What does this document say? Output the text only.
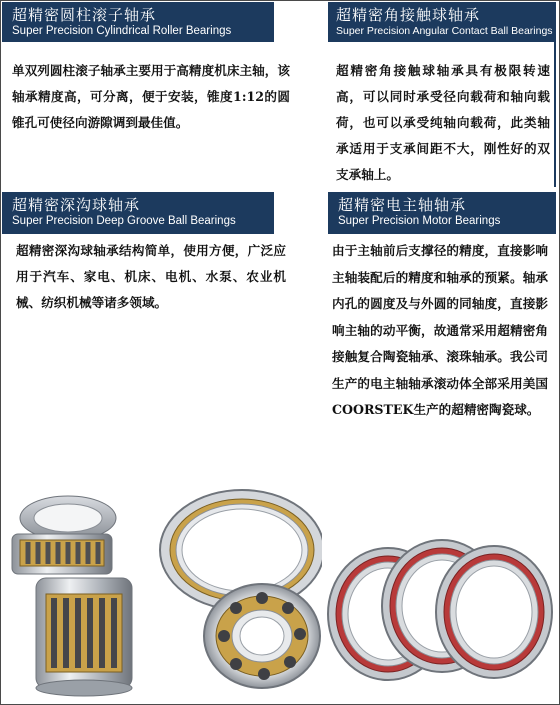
超精密圆柱滚子轴承
Super Precision Cylindrical Roller Bearings
单双列圆柱滚子轴承主要用于高精度机床主轴，该轴承精度高，可分离，便于安装，锥度1:12的圆锥孔可使径向游隙调到最佳值。
超精密角接触球轴承
Super Precision Angular Contact Ball Bearings
超精密角接触球轴承具有极限转速高，可以同时承受径向载荷和轴向载荷，也可以承受纯轴向载荷，此类轴承适用于支承间距不大，刚性好的双支承轴上。
超精密深沟球轴承
Super Precision Deep Groove Ball Bearings
超精密深沟球轴承结构简单，使用方便，广泛应用于汽车、家电、机床、电机、水泵、农业机械、纺织机械等诸多领域。
超精密电主轴轴承
Super Precision Motor Bearings
由于主轴前后支撑径的精度，直接影响主轴装配后的精度和轴承的预紧。轴承内孔的圆度及与外圆的同轴度，直接影响主轴的动平衡，故通常采用超精密角接触复合陶瓷轴承、滚珠轴承。我公司生产的电主轴轴承滚动体全部采用美国COORSTEK生产的超精密陶瓷球。
